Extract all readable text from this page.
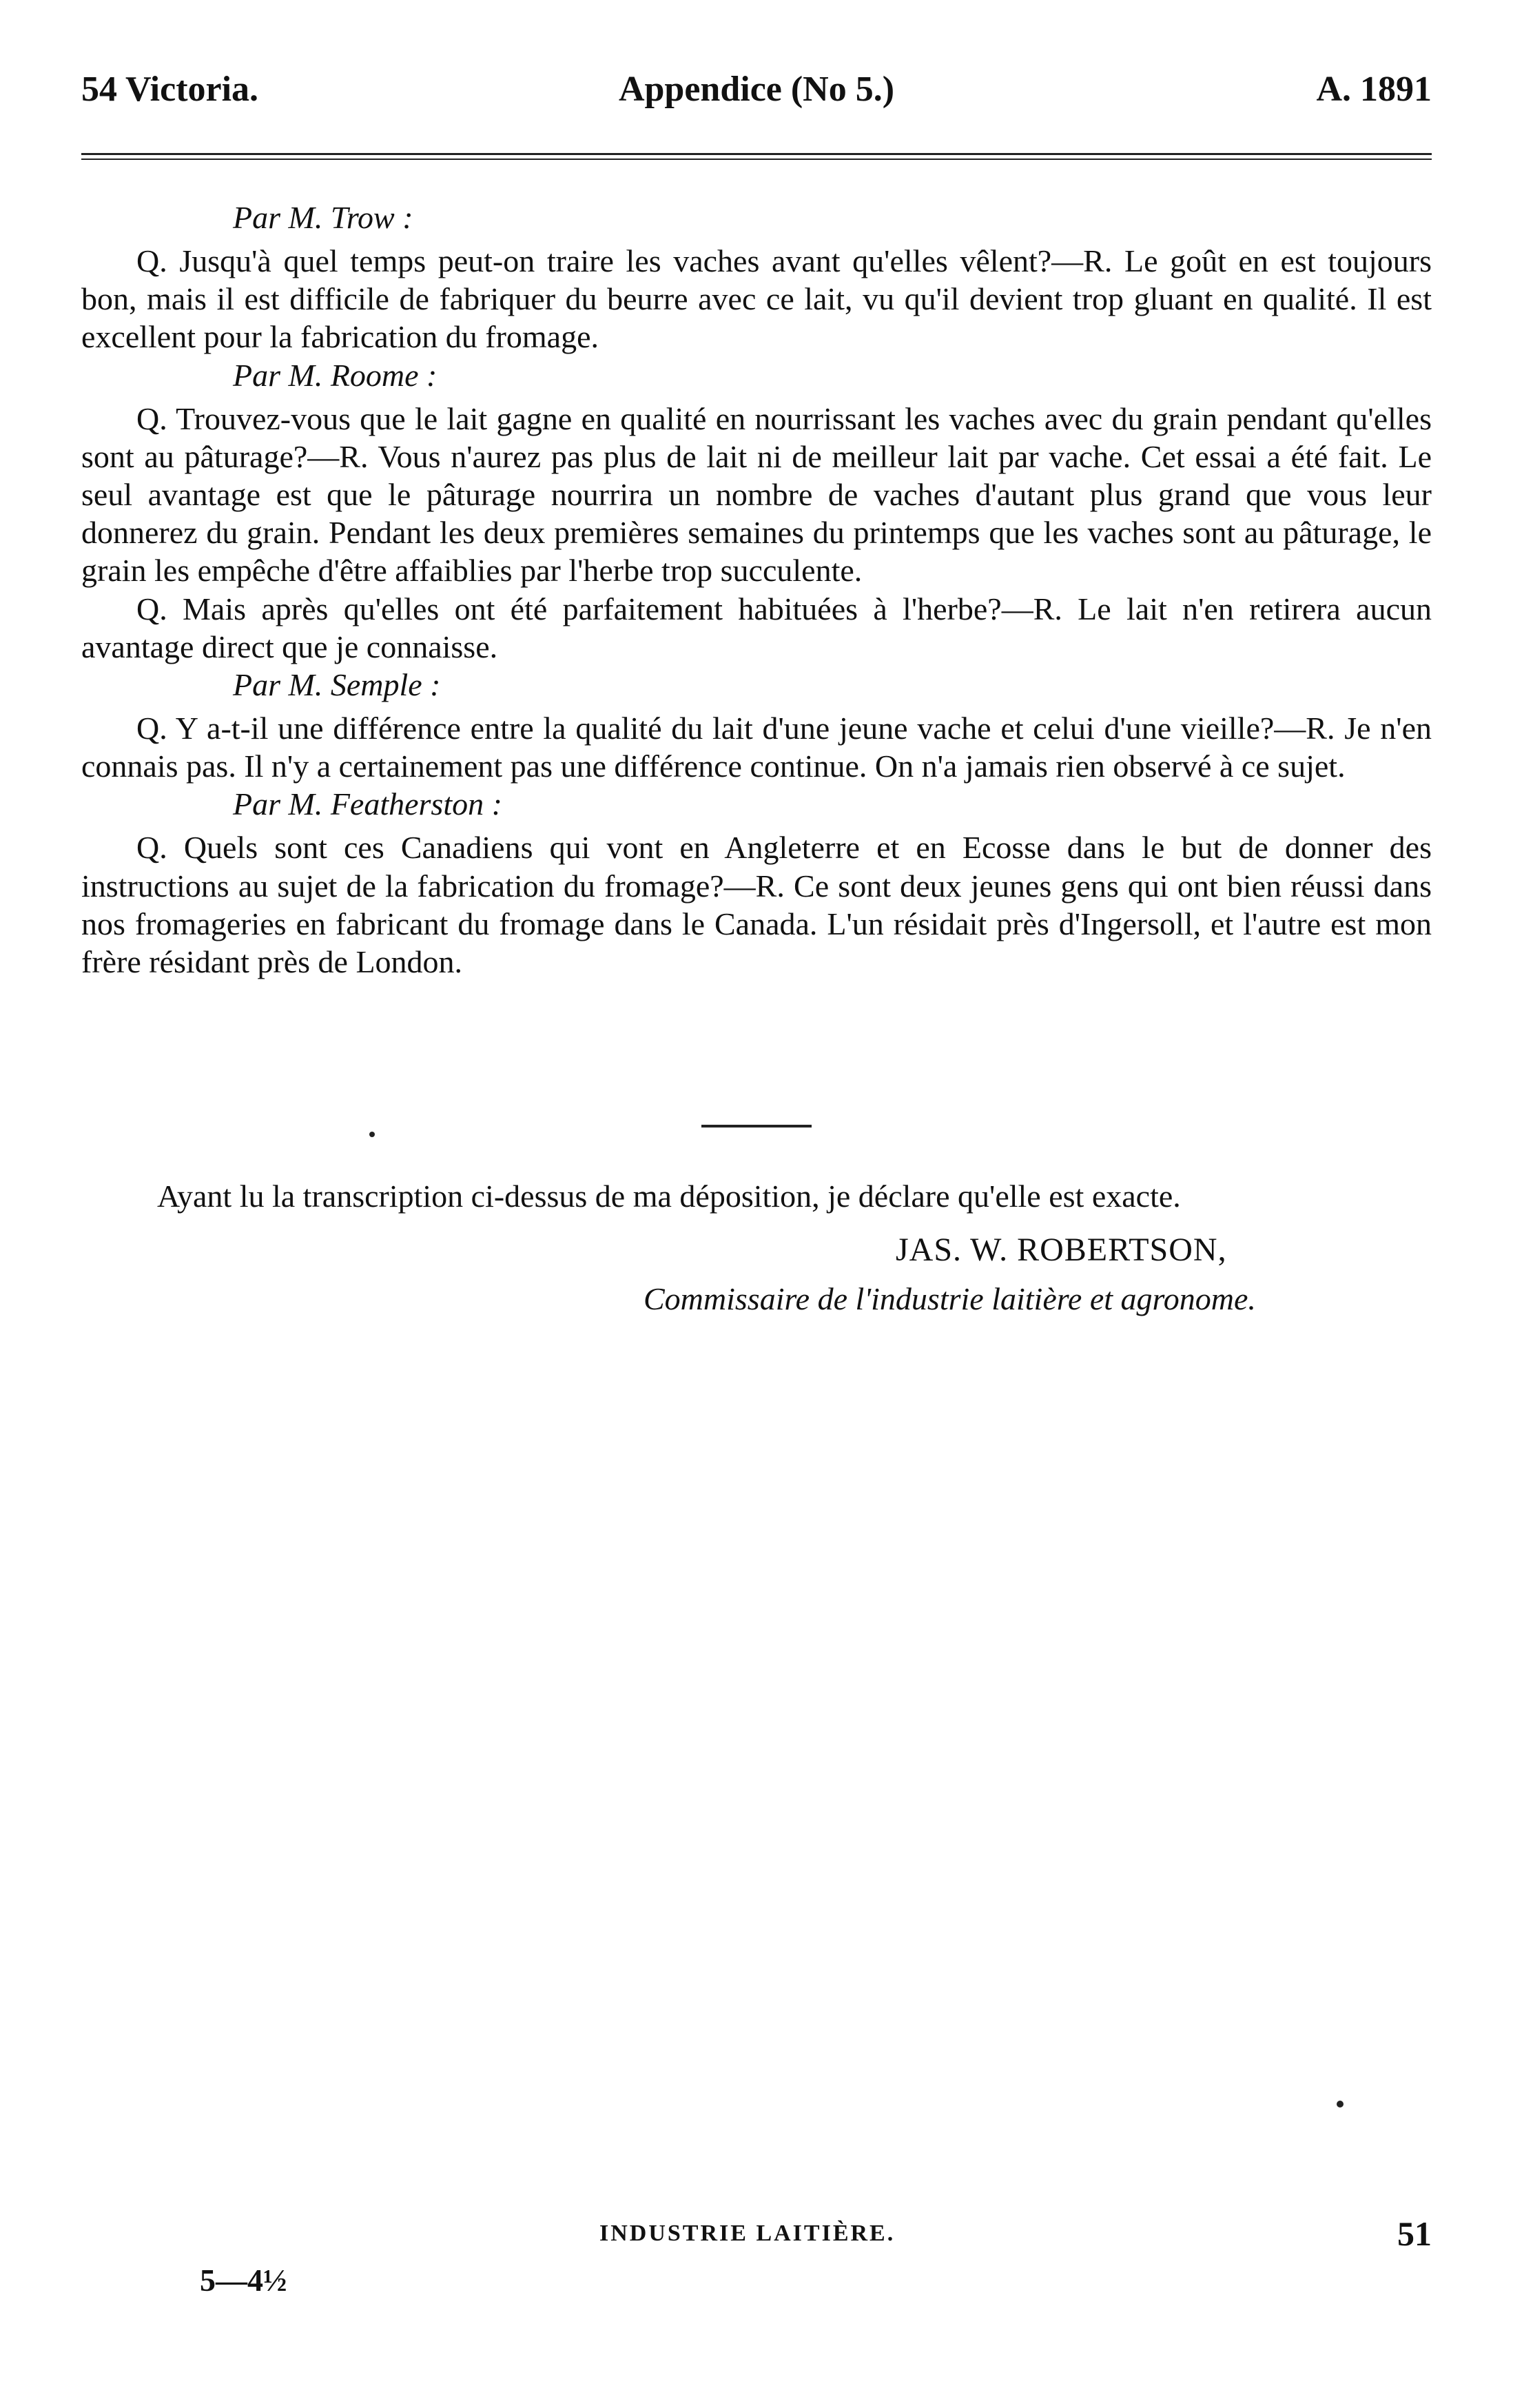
54 Victoria.	Appendice (No 5.)	A. 1891
Par M. Trow :

Q. Jusqu'à quel temps peut-on traire les vaches avant qu'elles vêlent?—R. Le goût en est toujours bon, mais il est difficile de fabriquer du beurre avec ce lait, vu qu'il devient trop gluant en qualité. Il est excellent pour la fabrication du fromage.

Par M. Roome :

Q. Trouvez-vous que le lait gagne en qualité en nourrissant les vaches avec du grain pendant qu'elles sont au pâturage?—R. Vous n'aurez pas plus de lait ni de meilleur lait par vache. Cet essai a été fait. Le seul avantage est que le pâturage nourrira un nombre de vaches d'autant plus grand que vous leur donnerez du grain. Pendant les deux premières semaines du printemps que les vaches sont au pâturage, le grain les empêche d'être affaiblies par l'herbe trop succulente.

Q. Mais après qu'elles ont été parfaitement habituées à l'herbe?—R. Le lait n'en retirera aucun avantage direct que je connaisse.

Par M. Semple :

Q. Y a-t-il une différence entre la qualité du lait d'une jeune vache et celui d'une vieille?—R. Je n'en connais pas. Il n'y a certainement pas une différence continue. On n'a jamais rien observé à ce sujet.

Par M. Featherston :

Q. Quels sont ces Canadiens qui vont en Angleterre et en Ecosse dans le but de donner des instructions au sujet de la fabrication du fromage?—R. Ce sont deux jeunes gens qui ont bien réussi dans nos fromageries en fabricant du fromage dans le Canada. L'un résidait près d'Ingersoll, et l'autre est mon frère résidant près de London.

Ayant lu la transcription ci-dessus de ma déposition, je déclare qu'elle est exacte.
JAS. W. ROBERTSON,
Commissaire de l'industrie laitière et agronome.
INDUSTRIE LAITIÈRE.	51
5—4½
